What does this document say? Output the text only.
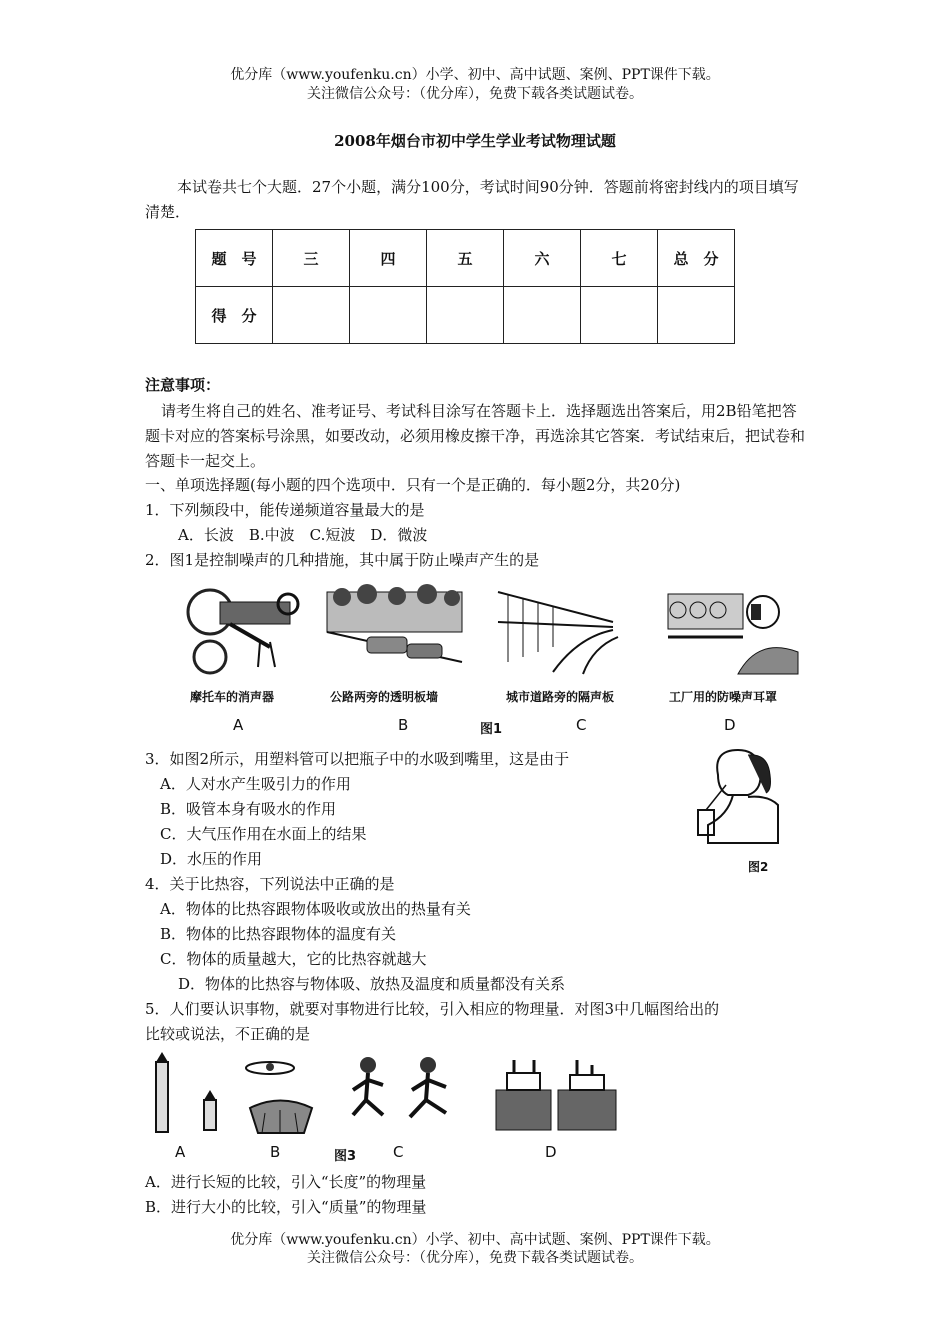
优分库（www.youfenku.cn）小学、初中、高中试题、案例、PPT课件下载。
关注微信公众号：（优分库），免费下载各类试题试卷。
2008年烟台市初中学生学业考试物理试题
本试卷共七个大题．27个小题，满分100分，考试时间90分钟．答题前将密封线内的项目填写清楚．
题　号	三	四	五	六	七	总　分
得　分						
注意事项：
请考生将自己的姓名、准考证号、考试科目涂写在答题卡上．选择题选出答案后，用2B铅笔把答题卡对应的答案标号涂黑，如要改动，必须用橡皮擦干净，再选涂其它答案．考试结束后，把试卷和答题卡一起交上。
一、单项选择题(每小题的四个选项中．只有一个是正确的．每小题2分，共20分)
1．下列频段中，能传递频道容量最大的是
A．长波　B.中波　C.短波　D．微波
2．图1是控制噪声的几种措施，其中属于防止噪声产生的是
摩托车的消声器	公路两旁的透明板墙	城市道路旁的隔声板	工厂用的防噪声耳罩
A	B	图1	C	D
3．如图2所示，用塑料管可以把瓶子中的水吸到嘴里，这是由于
A．人对水产生吸引力的作用
B．吸管本身有吸水的作用
C．大气压作用在水面上的结果
D．水压的作用	图2
4．关于比热容，下列说法中正确的是
A．物体的比热容跟物体吸收或放出的热量有关
B．物体的比热容跟物体的温度有关
C．物体的质量越大，它的比热容就越大
D．物体的比热容与物体吸、放热及温度和质量都没有关系
5．人们要认识事物，就要对事物进行比较，引入相应的物理量．对图3中几幅图给出的
比较或说法，不正确的是
A	B	图3 C	D
A．进行长短的比较，引入“长度”的物理量
B．进行大小的比较，引入“质量”的物理量
优分库（www.youfenku.cn）小学、初中、高中试题、案例、PPT课件下载。
关注微信公众号：（优分库），免费下载各类试题试卷。
